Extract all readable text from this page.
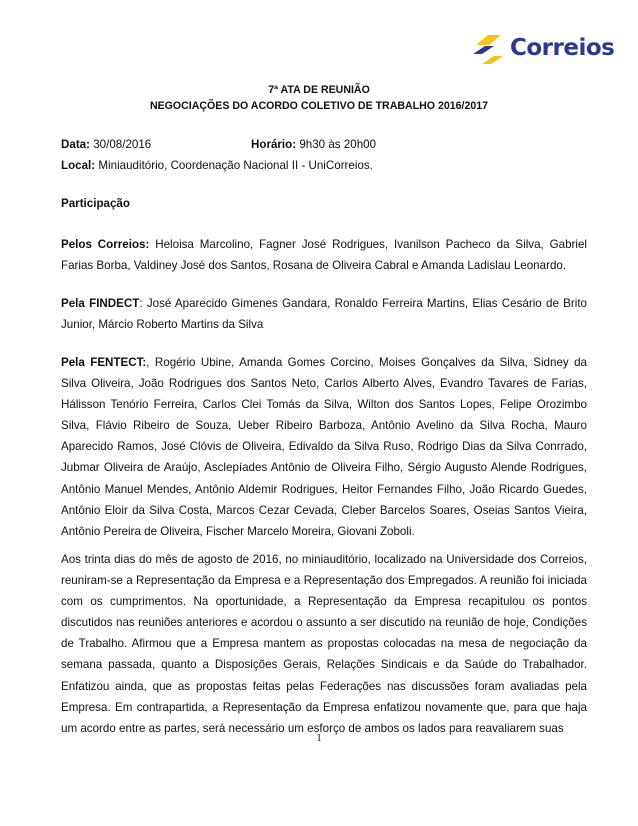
Correios
7ª ATA DE REUNIÃO
NEGOCIAÇÕES DO ACORDO COLETIVO DE TRABALHO 2016/2017
Data: 30/08/2016	Horário: 9h30 às 20h00
Local: Miniauditório, Coordenação Nacional II - UniCorreios.
Participação

Pelos Correios: Heloisa Marcolino, Fagner José Rodrigues, Ivanilson Pacheco da Silva, Gabriel Farias Borba, Valdiney José dos Santos, Rosana de Oliveira Cabral e Amanda Ladislau Leonardo.

Pela FINDECT: José Aparecido Gimenes Gandara, Ronaldo Ferreira Martins, Elias Cesário de Brito Junior, Márcio Roberto Martins da Silva

Pela FENTECT:, Rogério Ubine, Amanda Gomes Corcino, Moises Gonçalves da Silva, Sidney da Silva Oliveira, João Rodrigues dos Santos Neto, Carlos Alberto Alves, Evandro Tavares de Farias, Hálisson Tenório Ferreira, Carlos Clei Tomás da Silva, Wilton dos Santos Lopes, Felipe Orozimbo Silva, Flávio Ribeiro de Souza, Ueber Ribeiro Barboza, Antônio Avelino da Silva Rocha, Mauro Aparecido Ramos, José Clóvis de Oliveira, Edivaldo da Silva Ruso, Rodrigo Dias da Silva Conrrado, Jubmar Oliveira de Araújo, Asclepíades Antônio de Oliveira Filho, Sérgio Augusto Alende Rodrigues, Antônio Manuel Mendes, Antônio Aldemir Rodrigues, Heitor Fernandes Filho, João Ricardo Guedes, Antônio Eloir da Silva Costa, Marcos Cezar Cevada, Cleber Barcelos Soares, Oseias Santos Vieira, Antônio Pereira de Oliveira, Fischer Marcelo Moreira, Giovani Zoboli.

Aos trinta dias do mês de agosto de 2016, no miniauditório, localizado na Universidade dos Correios, reuniram-se a Representação da Empresa e a Representação dos Empregados. A reunião foi iniciada com os cumprimentos. Na oportunidade, a Representação da Empresa recapitulou os pontos discutidos nas reuniões anteriores e acordou o assunto a ser discutido na reunião de hoje, Condições de Trabalho. Afirmou que a Empresa mantem as propostas colocadas na mesa de negociação da semana passada, quanto a Disposições Gerais, Relações Sindicais e da Saúde do Trabalhador. Enfatizou ainda, que as propostas feitas pelas Federações nas discussões foram avaliadas pela Empresa. Em contrapartida, a Representação da Empresa enfatizou novamente que, para que haja um acordo entre as partes, será necessário um esforço de ambos os lados para reavaliarem suas

1
